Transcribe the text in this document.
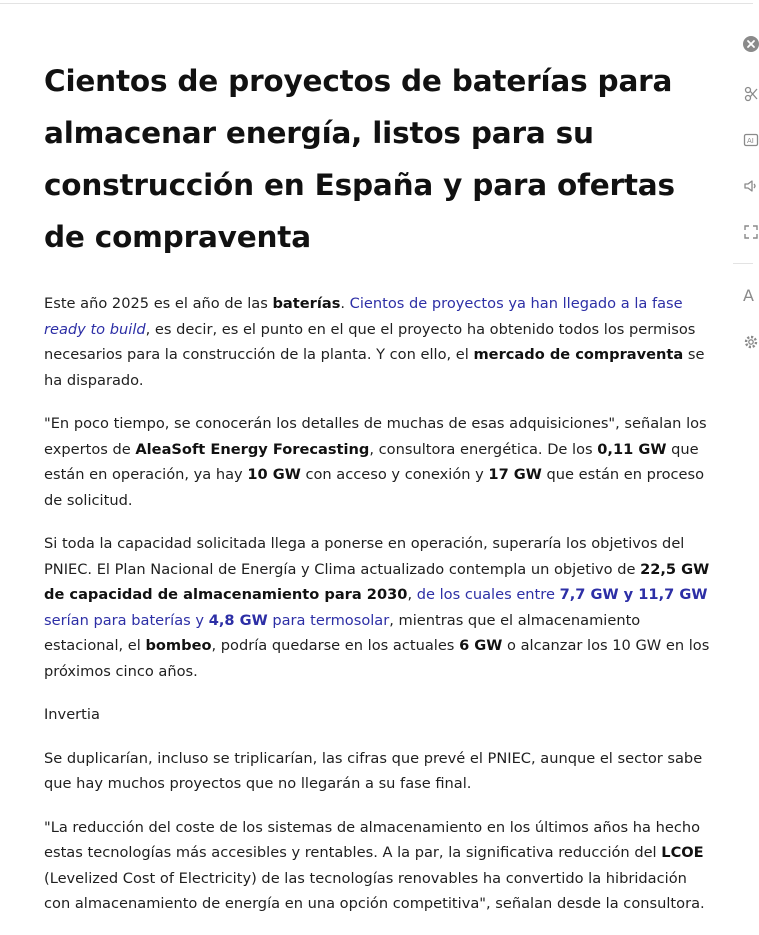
Cientos de proyectos de baterías para almacenar energía, listos para su construcción en España y para ofertas de compraventa

Este año 2025 es el año de las baterías. Cientos de proyectos ya han llegado a la fase ready to build, es decir, es el punto en el que el proyecto ha obtenido todos los permisos necesarios para la construcción de la planta. Y con ello, el mercado de compraventa se ha disparado.

"En poco tiempo, se conocerán los detalles de muchas de esas adquisiciones", señalan los expertos de AleaSoft Energy Forecasting, consultora energética. De los 0,11 GW que están en operación, ya hay 10 GW con acceso y conexión y 17 GW que están en proceso de solicitud.

Si toda la capacidad solicitada llega a ponerse en operación, superaría los objetivos del PNIEC. El Plan Nacional de Energía y Clima actualizado contempla un objetivo de 22,5 GW de capacidad de almacenamiento para 2030, de los cuales entre 7,7 GW y 11,7 GW serían para baterías y 4,8 GW para termosolar, mientras que el almacenamiento estacional, el bombeo, podría quedarse en los actuales 6 GW o alcanzar los 10 GW en los próximos cinco años.

Invertia

Se duplicarían, incluso se triplicarían, las cifras que prevé el PNIEC, aunque el sector sabe que hay muchos proyectos que no llegarán a su fase final.

"La reducción del coste de los sistemas de almacenamiento en los últimos años ha hecho estas tecnologías más accesibles y rentables. A la par, la significativa reducción del LCOE (Levelized Cost of Electricity) de las tecnologías renovables ha convertido la hibridación con almacenamiento de energía en una opción competitiva", señalan desde la consultora.

AI
A
